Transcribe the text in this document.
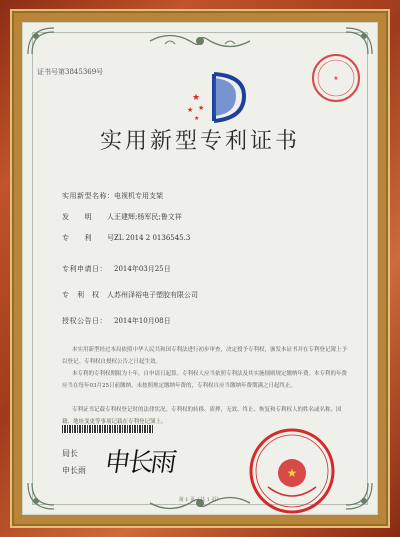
证书号第3845369号
★
★
★
★
★
实用新型专利证书
实用新型名称：电视机专用支架
发　　明　　人：王建辉;杨军民;鲁文祥
专　　利　　号：ZL 2014 2 0136545.3
专利申请日： 2014年03月25日
专　利　权　人：苏州泽裕电子塑胶有限公司
授权公告日： 2014年10月08日
本实用新型经过本局依照中华人民共和国专利法进行初步审查，决定授予专利权，颁发本证书并在专利登记簿上予以登记。专利权自授权公告之日起生效。
本专利的专利权期限为十年，自申请日起算。专利权人应当依照专利法及其实施细则规定缴纳年费。本专利的年费应当在每年03月25日前缴纳。未按照规定缴纳年费的，专利权自应当缴纳年费期满之日起终止。
专利证书记载专利权登记时的法律状况。专利权的转移、质押、无效、终止、恢复和专利权人的姓名或名称、国籍、地址变更等事项记载在专利登记簿上。
局长
申长雨 申长雨	★
第 1 页（共 1 页）
